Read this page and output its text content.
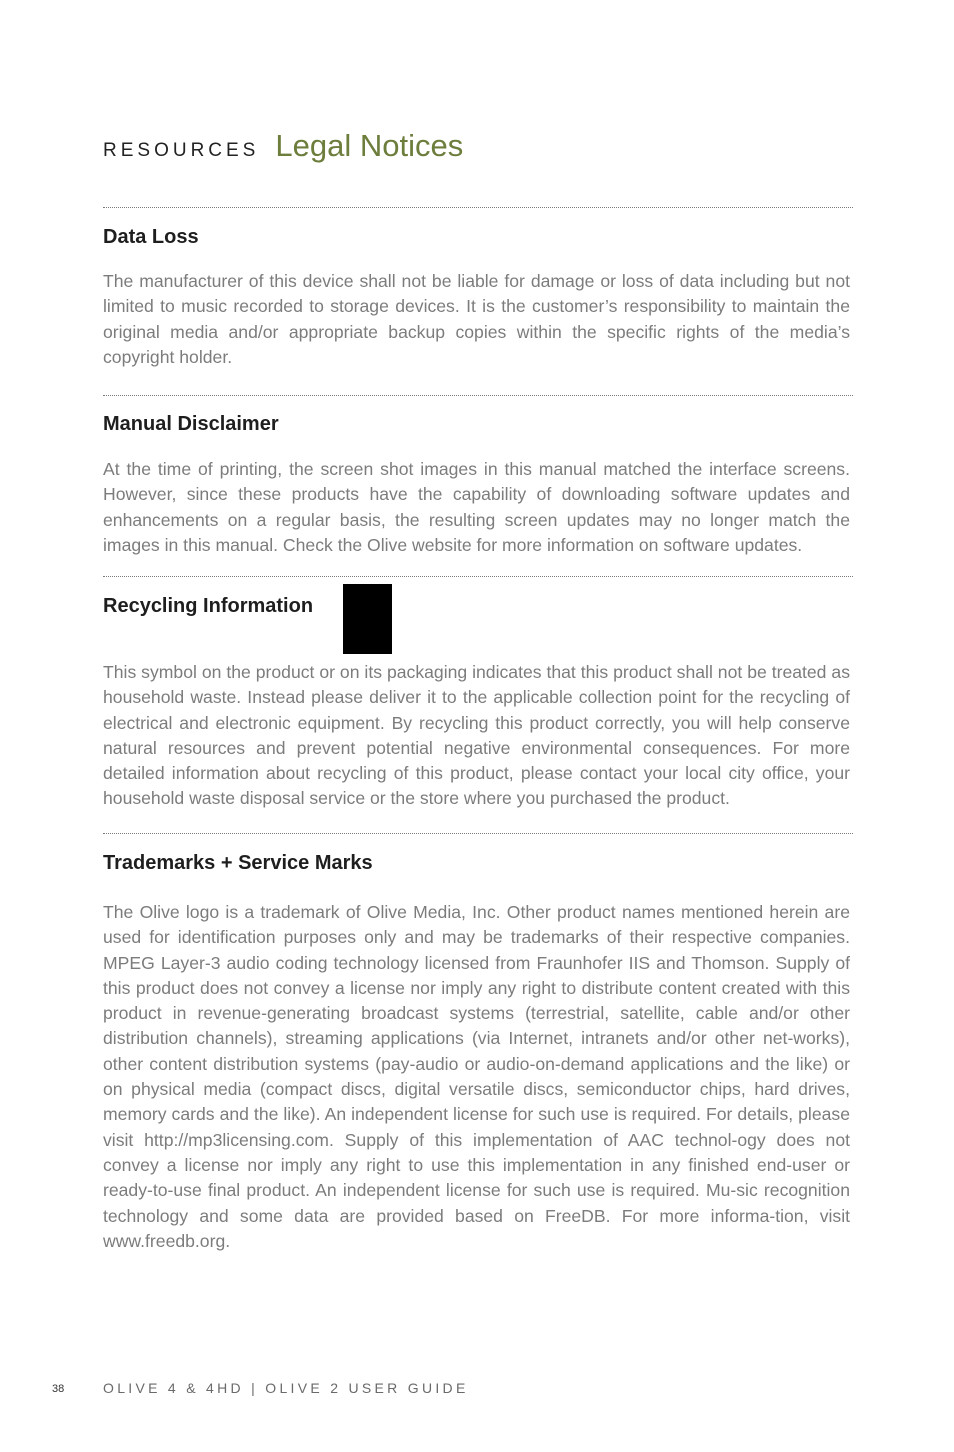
RESOURCES Legal Notices
Data Loss

The manufacturer of this device shall not be liable for damage or loss of data including but not limited to music recorded to storage devices. It is the customer’s responsibility to maintain the original media and/or appropriate backup copies within the specific rights of the media’s copyright holder.

Manual Disclaimer

At the time of printing, the screen shot images in this manual matched the interface screens. However, since these products have the capability of downloading software updates and enhancements on a regular basis, the resulting screen updates may no longer match the images in this manual. Check the Olive website for more information on software updates.

Recycling Information

This symbol on the product or on its packaging indicates that this product shall not be treated as household waste. Instead please deliver it to the applicable collection point for the recycling of electrical and electronic equipment. By recycling this product correctly, you will help conserve natural resources and prevent potential negative environmental consequences. For more detailed information about recycling of this product, please contact your local city office, your household waste disposal service or the store where you purchased the product.

Trademarks + Service Marks

The Olive logo is a trademark of Olive Media, Inc. Other product names mentioned herein are used for identification purposes only and may be trademarks of their respective companies. MPEG Layer-3 audio coding technology licensed from Fraunhofer IIS and Thomson. Supply of this product does not convey a license nor imply any right to distribute content created with this product in revenue-generating broadcast systems (terrestrial, satellite, cable and/or other distribution channels), streaming applications (via Internet, intranets and/or other net-works), other content distribution systems (pay-audio or audio-on-demand applications and the like) or on physical media (compact discs, digital versatile discs, semiconductor chips, hard drives, memory cards and the like). An independent license for such use is required. For details, please visit http://mp3licensing.com. Supply of this implementation of AAC technol-ogy does not convey a license nor imply any right to use this implementation in any finished end-user or ready-to-use final product. An independent license for such use is required. Mu-sic recognition technology and some data are provided based on FreeDB. For more informa-tion, visit www.freedb.org.

38	OLIVE 4 & 4HD | OLIVE 2 USER GUIDE
